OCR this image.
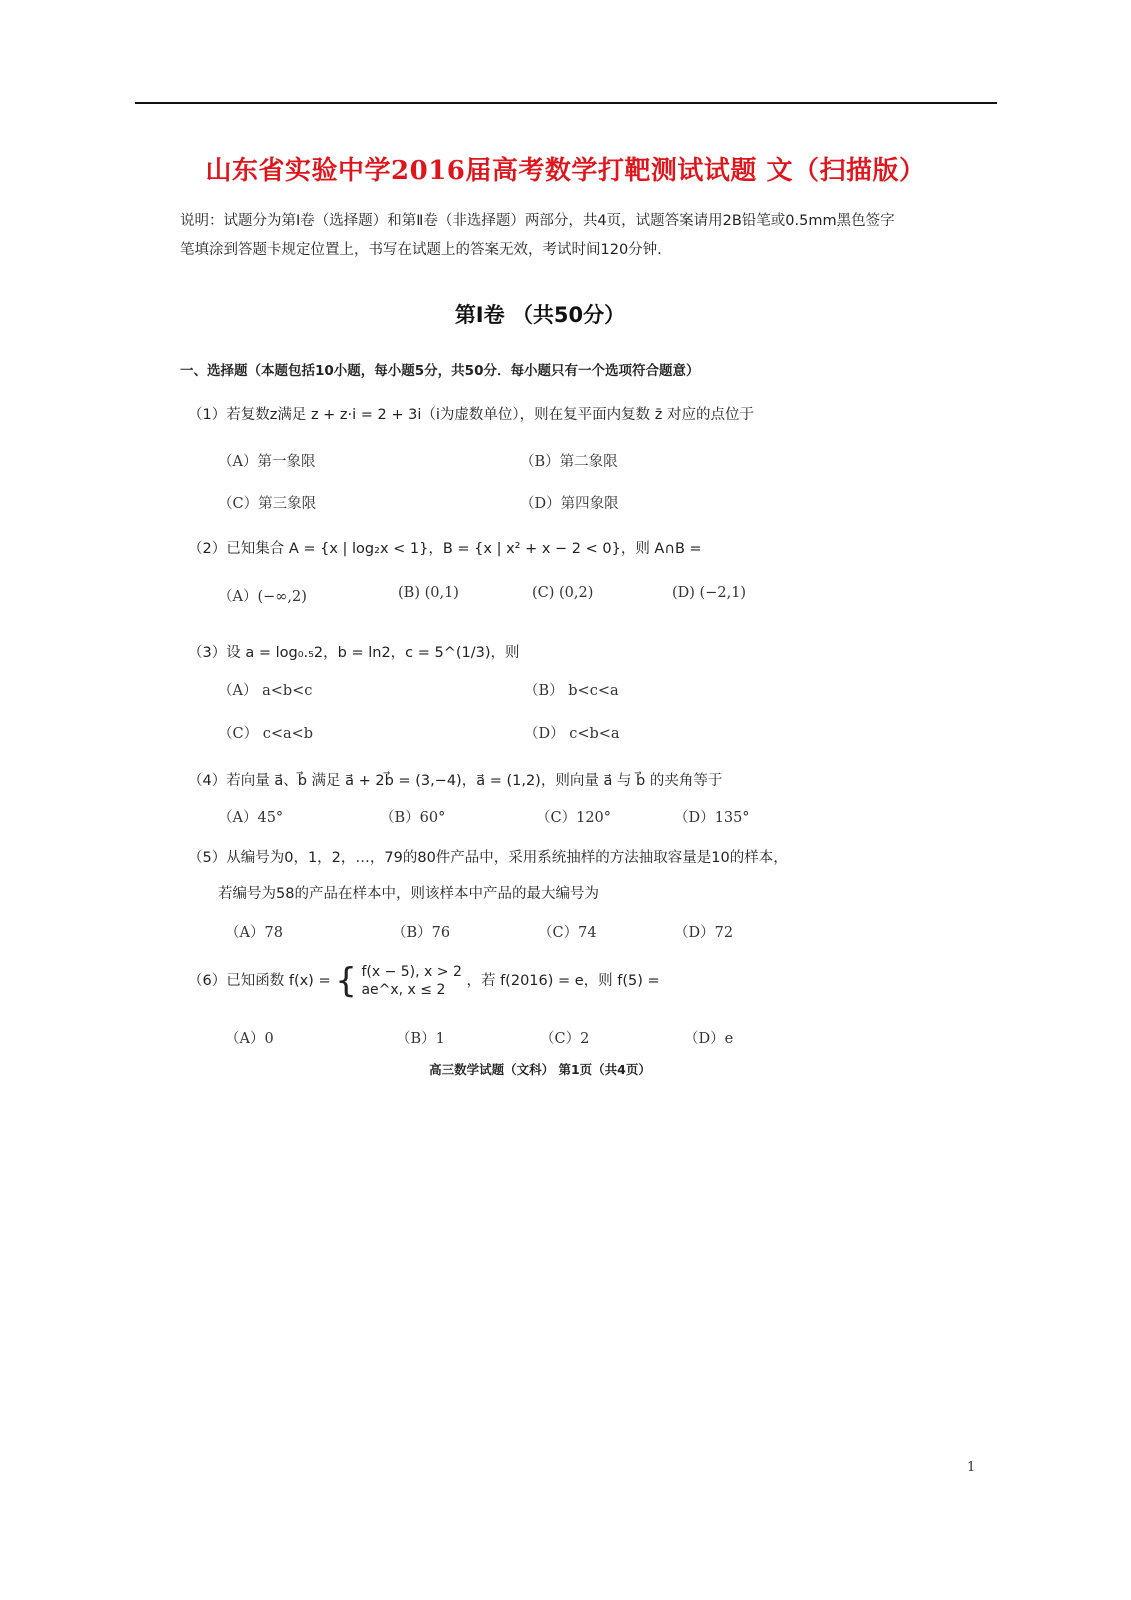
山东省实验中学2016届高考数学打靶测试试题 文（扫描版）
说明：试题分为第Ⅰ卷（选择题）和第Ⅱ卷（非选择题）两部分，共4页，试题答案请用2B铅笔或0.5mm黑色签字笔填涂到答题卡规定位置上，书写在试题上的答案无效，考试时间120分钟.
第Ⅰ卷 （共50分）
一、选择题（本题包括10小题，每小题5分，共50分．每小题只有一个选项符合题意）
（1）若复数z满足 z + z·i = 2 + 3i（i为虚数单位），则在复平面内复数 z̄ 对应的点位于
（A）第一象限	（B）第二象限
（C）第三象限	（D）第四象限
（2）已知集合 A = {x | log₂x < 1}，B = {x | x² + x − 2 < 0}，则 A∩B =
（A）(−∞,2)	(B) (0,1)	(C) (0,2)	(D) (−2,1)
（3）设 a = log₀.₅2，b = ln2，c = 5^(1/3)，则
（A） a<b<c	（B） b<c<a
（C） c<a<b	（D） c<b<a
（4）若向量 a⃗、b⃗ 满足 a⃗ + 2b⃗ = (3,−4)，a⃗ = (1,2)，则向量 a⃗ 与 b⃗ 的夹角等于
（A）45°	（B）60°	（C）120°	（D）135°
（5）从编号为0，1，2，…，79的80件产品中，采用系统抽样的方法抽取容量是10的样本，
若编号为58的产品在样本中，则该样本中产品的最大编号为
（A）78	（B）76	（C）74	（D）72
（6）已知函数 f(x) = { f(x − 5), x > 2
ae^x, x ≤ 2
，若 f(2016) = e，则 f(5) =
（A）0	（B）1	（C）2	（D）e
高三数学试题（文科） 第1页（共4页）
1
